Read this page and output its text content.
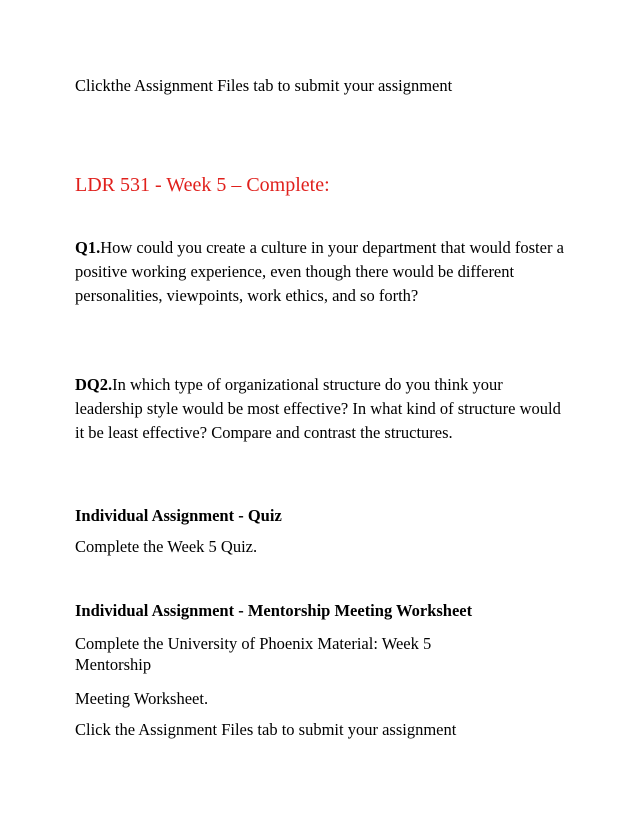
Clickthe Assignment Files tab to submit your assignment
LDR 531 - Week 5 – Complete:
Q1.How could you create a culture in your department that would foster a positive working experience, even though there would be different personalities, viewpoints, work ethics, and so forth?
DQ2.In which type of organizational structure do you think your leadership style would be most effective? In what kind of structure would it be least effective? Compare and contrast the structures.
Individual Assignment - Quiz
Complete the Week 5 Quiz.
Individual Assignment - Mentorship Meeting Worksheet
Complete the University of Phoenix Material: Week 5
Mentorship
Meeting Worksheet.
Click the Assignment Files tab to submit your assignment
